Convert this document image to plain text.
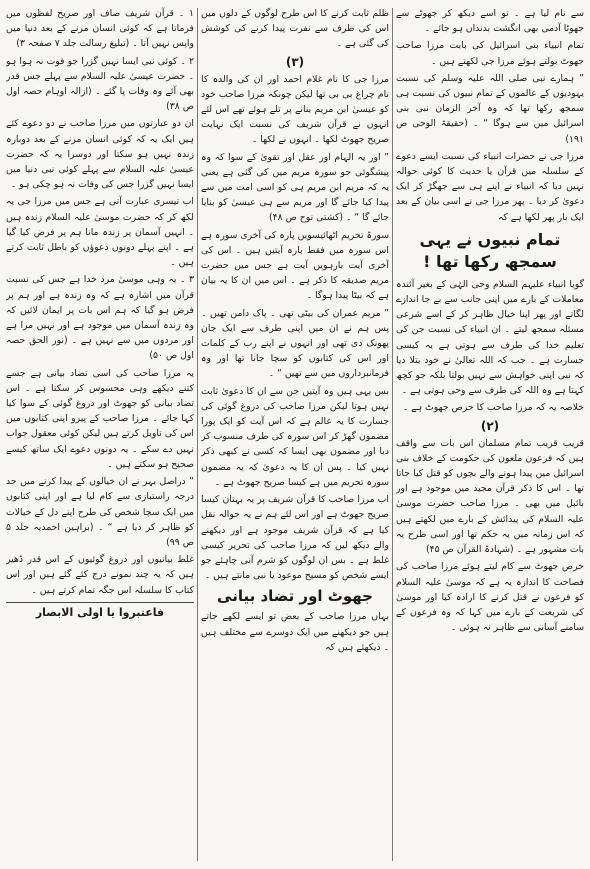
سے نام لیا ہے ۔ تو اسے دیکھ کر جھوٹے سے جھوٹا آدمی بھی انگشت بدنداں ہو جائے ۔

تمام انبیاء بنی اسرائیل کی بابت مرزا صاحب جھوٹ بولتے ہوئے مرزا جی لکھتے ہیں ۔

” ہمارے نبی صلی اللہ علیہ وسلم کی نسبت یہودیوں کے عالموں کے تمام نبیوں کی نسبت ہی سمجھ رکھا تھا کہ وہ آخر الزمان نبی بنی اسرائیل میں سے ہوگا “ ۔ (حقیقۃ الوحی ص ۱۹۱)

مرزا جی نے حضرات انبیاء کی نسبت ایسے دعوے کے سلسلہ میں قرآن یا حدیث کا کوئی حوالہ نہیں دیا کہ انبیاء نے اپنے ہی سے جھگڑ کر ایک دعویٰ کر دیا ۔ پھر مرزا جی نے اسی بیان کے بعد ایک بار پھر لکھا ہے کہ

تمام نبیوں نے یہی سمجھ رکھا تھا !

گویا انبیاء علیہم السلام وحی الہٰی کے بغیر آئندہ معاملات کے بارے میں اپنی جانب سے بے جا اندازے لگاتے اور پھر اپنا خیال ظاہر کر کے اسے شرعی مسئلہ سمجھ لیتے ۔ ان انبیاء کی نسبت جن کی تعلیم خدا کی طرف سے ہوتی ہے یہ کیسی جسارت ہے ۔ جب کہ اللہ تعالیٰ نے خود بتلا دیا کہ نبی اپنی خواہش سے نہیں بولتا بلکہ جو کچھ کہتا ہے وہ اللہ کی طرف سے وحی ہوتی ہے ۔

خلاصہ یہ کہ مرزا صاحب کا حرص جھوٹ ہے ۔

(۲)

قریب قریب تمام مسلمان اس بات سے واقف ہیں کہ فرعون ملعون کی حکومت کے خلاف بنی اسرائیل میں پیدا ہونے والے بچوں کو قتل کیا جاتا تھا ۔ اس کا ذکر قرآن مجید میں موجود ہے اور بائبل میں بھی ۔ مرزا صاحب حضرت موسیٰ علیہ السلام کی پیدائش کے بارے میں لکھتے ہیں کہ اس زمانہ میں یہ حکم تھا اور اسی طرح یہ بات مشہور ہے ۔ (شہادۃ القرآن ص ۴۵)

حرص جھوٹ سے کام لیتے ہوئے مرزا صاحب کی فصاحت کا اندازہ یہ ہے کہ موسیٰ علیہ السلام کو فرعون نے قتل کرنے کا ارادہ کیا اور موسیٰ کی شریعت کے بارے میں کہا کہ وہ فرعون کے سامنے آسانی سے ظاہر نہ ہوئی ۔

ظلم ثابت کرنے کا اس طرح لوگوں کے دلوں میں اس کی طرف سے نفرت پیدا کرنے کی کوشش کی گئی ہے ۔

(۳)

مرزا جی کا نام غلام احمد اور ان کی والدہ کا نام چراغ بی بی تھا لیکن چونکہ مرزا صاحب خود کو عیسیٰ ابن مریم بنانے پر تلے ہوئے تھے اس لئے انہوں نے قرآن شریف کی نسبت ایک نہایت صریح جھوٹ لکھا ۔ انہوں نے لکھا ۔

” اور یہ الہام اور عقل اور تقویٰ کے سوا کہ وہ پیشگوئی جو سورہ مریم میں کی گئی ہے یعنی یہ کہ مریم ابن مریم ہی کو اسی امت میں سے پیدا کیا جائے گا اور مریم سے ہی عیسیٰ کو بنایا جائے گا “ ۔ (کشتی نوح ص ۴۸)

سورۃ تحریم اٹھائیسویں پارہ کی آخری سورہ ہے اس سورہ میں فقط بارہ آیتیں ہیں ۔ اس کی آخری آیت بارہویں آیت ہے جس میں حضرت مریم صدیقہ کا ذکر ہے ۔ اس میں ان کا یہ بیان ہے کہ بیٹا پیدا ہوگا ۔

” مریم عمران کی بیٹی تھی ۔ پاک دامن تھیں ۔ پس ہم نے ان میں اپنی طرف سے ایک جان پھونک دی تھی اور انہوں نے اپنے رب کے کلمات اور اس کی کتابوں کو سچا جانا تھا اور وہ فرمانبرداروں میں سے تھیں “ ۔

بس یہی ہیں وہ آیتیں جن سے ان کا دعویٰ ثابت نہیں ہوتا لیکن مرزا صاحب کی دروغ گوئی کی جسارت کا یہ عالم ہے کہ اس آیت کو ایک پورا مضمون گھڑ کر اس سورہ کی طرف منسوب کر دیا اور مضمون بھی ایسا کہ کسی نے کبھی ذکر نہیں کیا ۔ پس ان کا یہ دعویٰ کہ یہ مضمون سورہ تحریم میں ہے کیسا صریح جھوٹ ہے ۔

اب مرزا صاحب کا قرآن شریف پر یہ بہتان کیسا صریح جھوٹ ہے اور اس لئے ہم نے یہ حوالہ نقل کیا ہے کہ قرآن شریف موجود ہے اور دیکھنے والے دیکھ لیں کہ مرزا صاحب کی تحریر کیسی غلط ہے ۔ بس ان لوگوں کو شرم آنی چاہئے جو ایسے شخص کو مسیح موعود یا نبی مانتے ہیں ۔

جھوٹ اور تضاد بیانی

بہاں مرزا صاحب کے بعض تو ایسے لکھے جاتے ہیں جو دیکھنے میں ایک دوسرے سے مختلف ہیں ۔ دیکھئے ہیں کہ

۱ ۔ قرآن شریف صاف اور صریح لفظوں میں فرماتا ہے کہ کوئی انسان مرنے کے بعد دنیا میں واپس نہیں آتا ۔ (تبلیغ رسالت جلد ۷ صفحہ ۳)

۲ ۔ کوئی نبی ایسا نہیں گزرا جو فوت نہ ہوا ہو ۔ حضرت عیسیٰ علیہ السلام سے پہلے جس قدر بھی آئے وہ وفات پا گئے ۔ (ازالہ اوہام حصہ اول ص ۳۸)

ان دو عبارتوں میں مرزا صاحب نے دو دعوے کئے ہیں ایک یہ کہ کوئی انسان مرنے کے بعد دوبارہ زندہ نہیں ہو سکتا اور دوسرا یہ کہ حضرت عیسیٰ علیہ السلام سے پہلے کوئی نبی دنیا میں ایسا نہیں گزرا جس کی وفات نہ ہو چکی ہو ۔

اب تیسری عبارت آتی ہے جس میں مرزا جی یہ لکھ کر کہ حضرت موسیٰ علیہ السلام زندہ ہیں ۔ انہیں آسمان پر زندہ مانا ہم پر فرض کیا گیا ہے ۔ اپنے پہلے دونوں دعوؤں کو باطل ثابت کرتے ہیں ۔

۳ ۔ یہ وہی موسیٰ مرد خدا ہے جس کی نسبت قرآن میں اشارہ ہے کہ وہ زندہ ہے اور ہم پر فرض ہو گیا کہ ہم اس بات پر ایمان لائیں کہ وہ زندہ آسمان میں موجود ہے اور نہیں مرا ہے اور مردوں میں سے نہیں ہے ۔ (نور الحق حصہ اول ص ۵۰)

یہ مرزا صاحب کی اسی تضاد بیانی ہے جسے کتنے دیکھے وہی محسوس کر سکتا ہے ۔ اس تضاد بیانی کو جھوٹ اور دروغ گوئی کے سوا کیا کہا جائے ۔ مرزا صاحب کے پیرو اپنی کتابوں میں اس کی تاویل کرتے ہیں لیکن کوئی معقول جواب نہیں دے سکے ۔ یہ دونوں دعوے ایک ساتھ کیسے صحیح ہو سکتے ہیں ۔

” دراصل بہر نے ان خیالوں کے پیدا کرنے میں حد درجہ راستبازی سے کام لیا ہے اور اپنی کتابوں میں ایک سچا شخص کی طرح اپنے دل کے خیالات کو ظاہر کر دیا ہے “ ۔ (براہین احمدیہ جلد ۵ ص ۹۹)

غلط بیانیوں اور دروغ گوئیوں کے اس قدر ڈھیر ہیں کہ یہ چند نمونے درج کئے گئے ہیں اور اس کتاب کا سلسلہ اس جگہ تمام کرتے ہیں ۔

فاعتبروا یا اولی الابصار
